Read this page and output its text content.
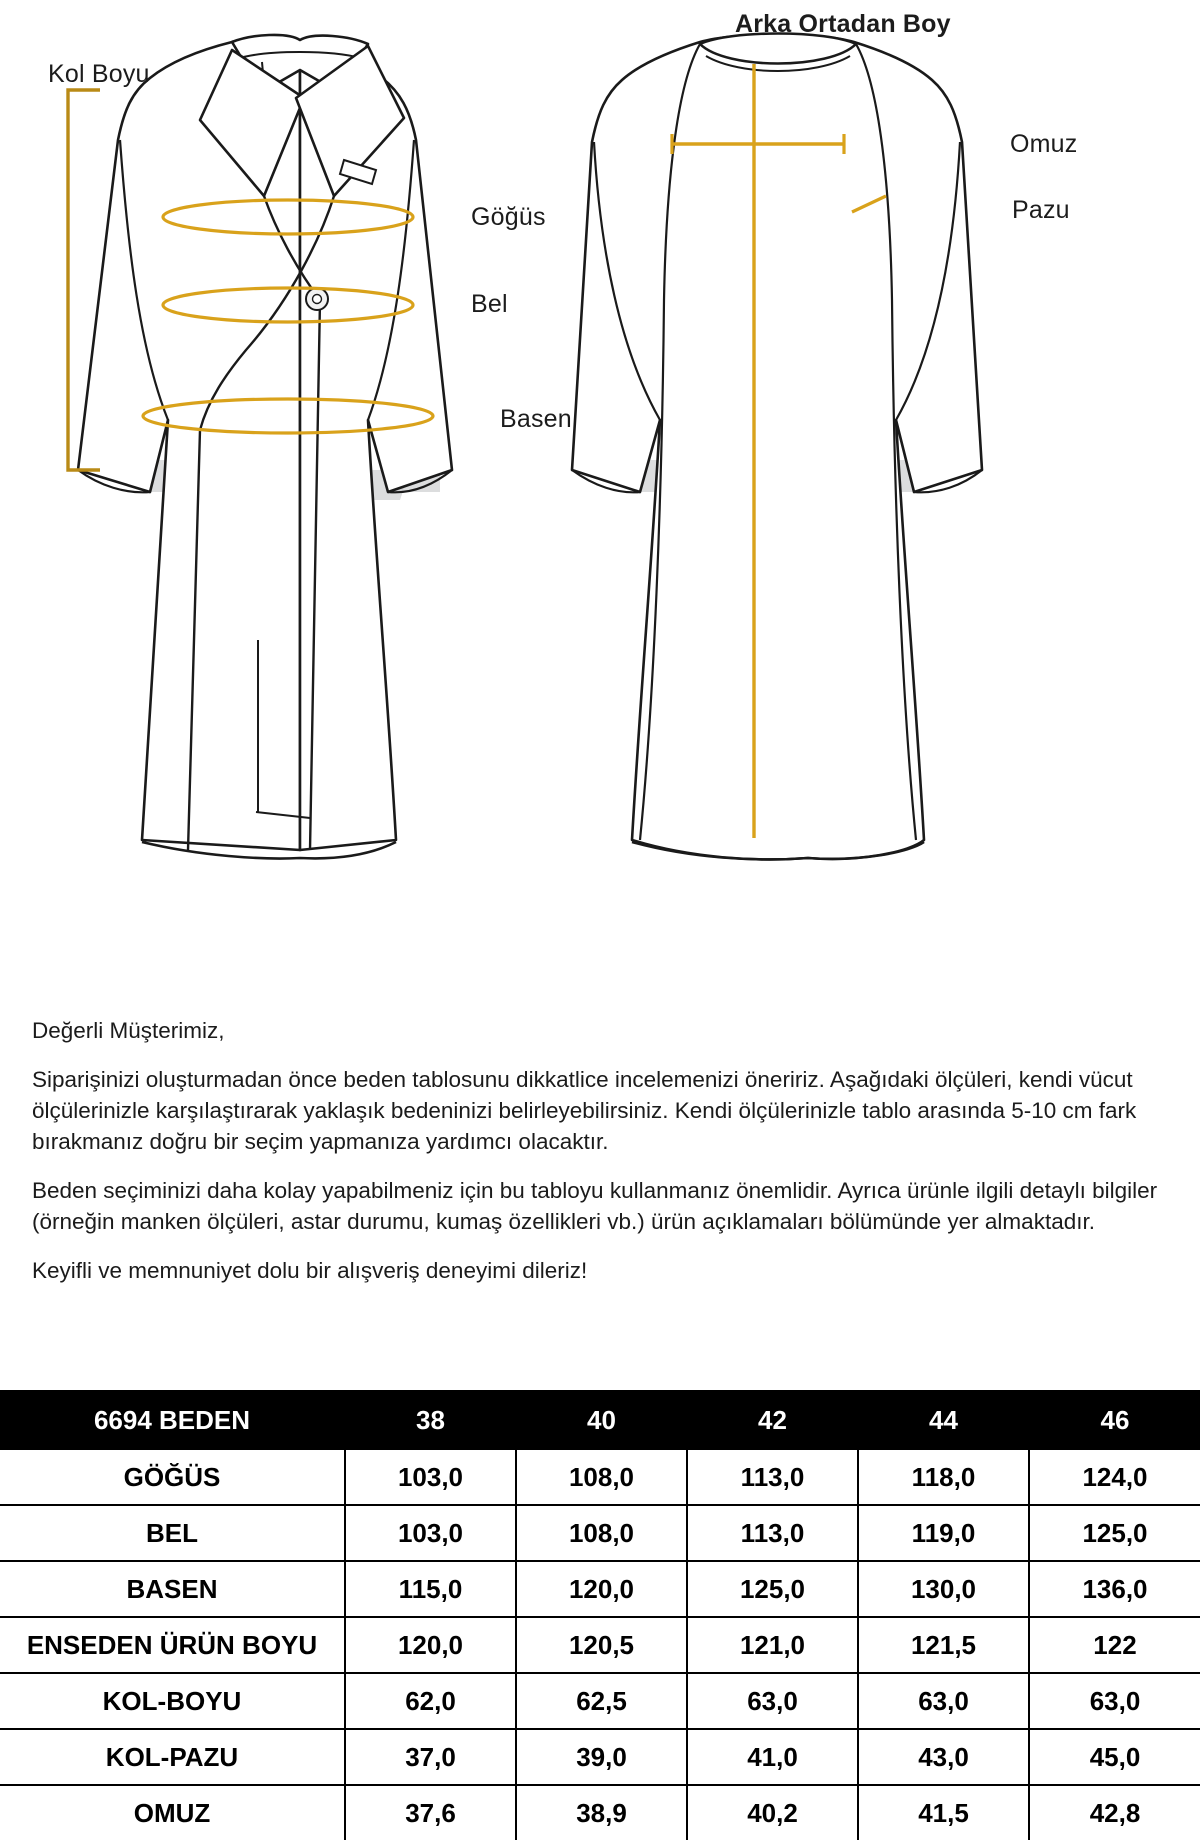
Kol Boyu
Göğüs
Bel
Basen
Arka Ortadan Boy
Omuz
Pazu

Değerli Müşterimiz,

Siparişinizi oluşturmadan önce beden tablosunu dikkatlice incelemenizi öneririz. Aşağıdaki ölçüleri, kendi vücut ölçülerinizle karşılaştırarak yaklaşık bedeninizi belirleyebilirsiniz. Kendi ölçülerinizle tablo arasında 5-10 cm fark bırakmanız doğru bir seçim yapmanıza yardımcı olacaktır.

Beden seçiminizi daha kolay yapabilmeniz için bu tabloyu kullanmanız önemlidir. Ayrıca ürünle ilgili detaylı bilgiler (örneğin manken ölçüleri, astar durumu, kumaş özellikleri vb.) ürün açıklamaları bölümünde yer almaktadır.

Keyifli ve memnuniyet dolu bir alışveriş deneyimi dileriz!

6694 BEDEN	38	40	42	44	46
GÖĞÜS	103,0	108,0	113,0	118,0	124,0
BEL	103,0	108,0	113,0	119,0	125,0
BASEN	115,0	120,0	125,0	130,0	136,0
ENSEDEN ÜRÜN BOYU	120,0	120,5	121,0	121,5	122
KOL-BOYU	62,0	62,5	63,0	63,0	63,0
KOL-PAZU	37,0	39,0	41,0	43,0	45,0
OMUZ	37,6	38,9	40,2	41,5	42,8
